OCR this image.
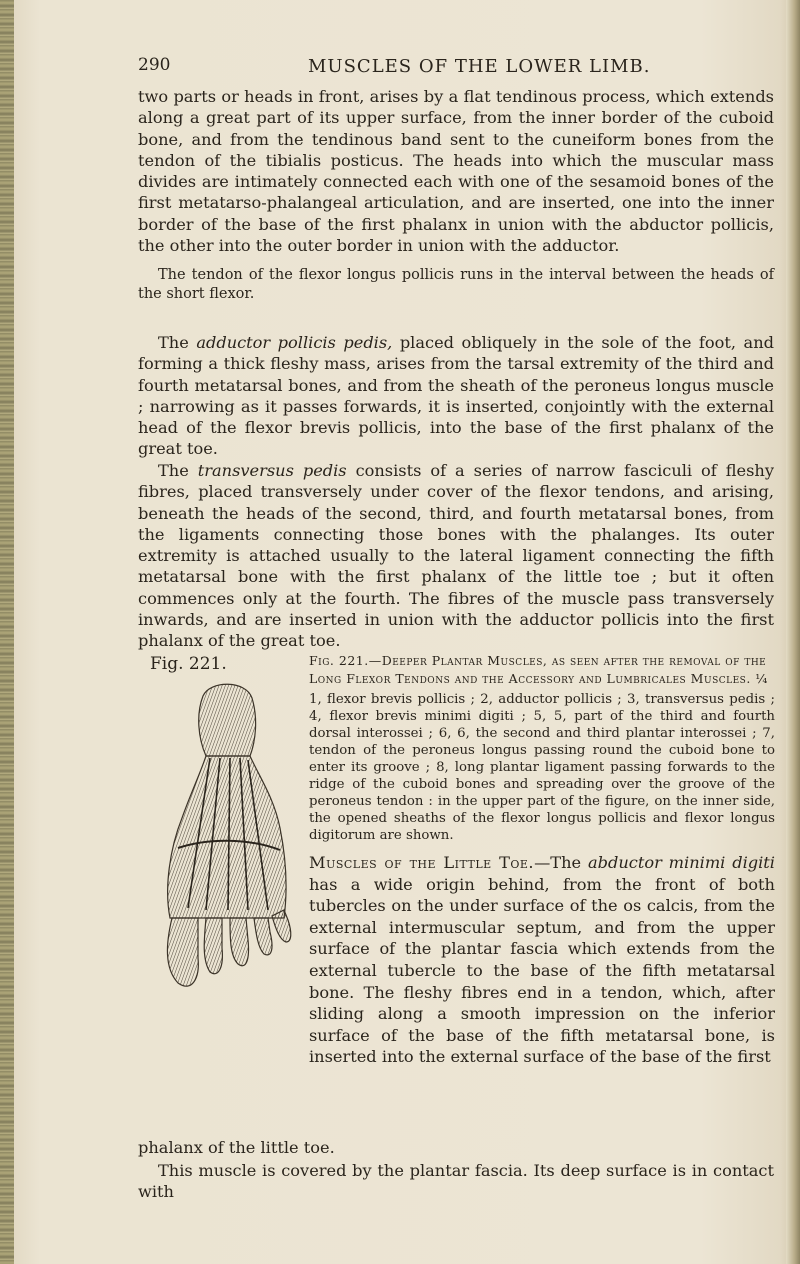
290	MUSCLES OF THE LOWER LIMB.

two parts or heads in front, arises by a flat tendinous process, which extends along a great part of its upper surface, from the inner border of the cuboid bone, and from the tendinous band sent to the cuneiform bones from the tendon of the tibialis posticus. The heads into which the muscular mass divides are intimately connected each with one of the sesamoid bones of the first metatarso-phalangeal articulation, and are inserted, one into the inner border of the base of the first phalanx in union with the abductor pollicis, the other into the outer border in union with the adductor.

The tendon of the flexor longus pollicis runs in the interval between the heads of the short flexor.

The adductor pollicis pedis, placed obliquely in the sole of the foot, and forming a thick fleshy mass, arises from the tarsal extremity of the third and fourth metatarsal bones, and from the sheath of the peroneus longus muscle ; narrowing as it passes forwards, it is inserted, conjointly with the external head of the flexor brevis pollicis, into the base of the first phalanx of the great toe.

The transversus pedis consists of a series of narrow fasciculi of fleshy fibres, placed transversely under cover of the flexor tendons, and arising, beneath the heads of the second, third, and fourth metatarsal bones, from the ligaments connecting those bones with the phalanges. Its outer extremity is attached usually to the lateral ligament connecting the fifth metatarsal bone with the first phalanx of the little toe ; but it often commences only at the fourth. The fibres of the muscle pass transversely inwards, and are inserted in union with the adductor pollicis into the first phalanx of the great toe.

Fig. 221.	Fig. 221.—Deeper Plantar Muscles, as seen after the removal of the Long Flexor Tendons and the Accessory and Lumbricales Muscles. ¼
1, flexor brevis pollicis ; 2, adductor pollicis ; 3, transversus pedis ; 4, flexor brevis minimi digiti ; 5, 5, part of the third and fourth dorsal interossei ; 6, 6, the second and third plantar interossei ; 7, tendon of the peroneus longus passing round the cuboid bone to enter its groove ; 8, long plantar ligament passing forwards to the ridge of the cuboid bones and spreading over the groove of the peroneus tendon : in the upper part of the figure, on the inner side, the opened sheaths of the flexor longus pollicis and flexor longus digitorum are shown.
Muscles of the Little Toe.—The abductor minimi digiti has a wide origin behind, from the front of both tubercles on the under surface of the os calcis, from the external intermuscular septum, and from the upper surface of the plantar fascia which extends from the external tubercle to the base of the fifth metatarsal bone. The fleshy fibres end in a tendon, which, after sliding along a smooth impression on the inferior surface of the base of the fifth metatarsal bone, is inserted into the external surface of the base of the first

phalanx of the little toe.

This muscle is covered by the plantar fascia. Its deep surface is in contact with
